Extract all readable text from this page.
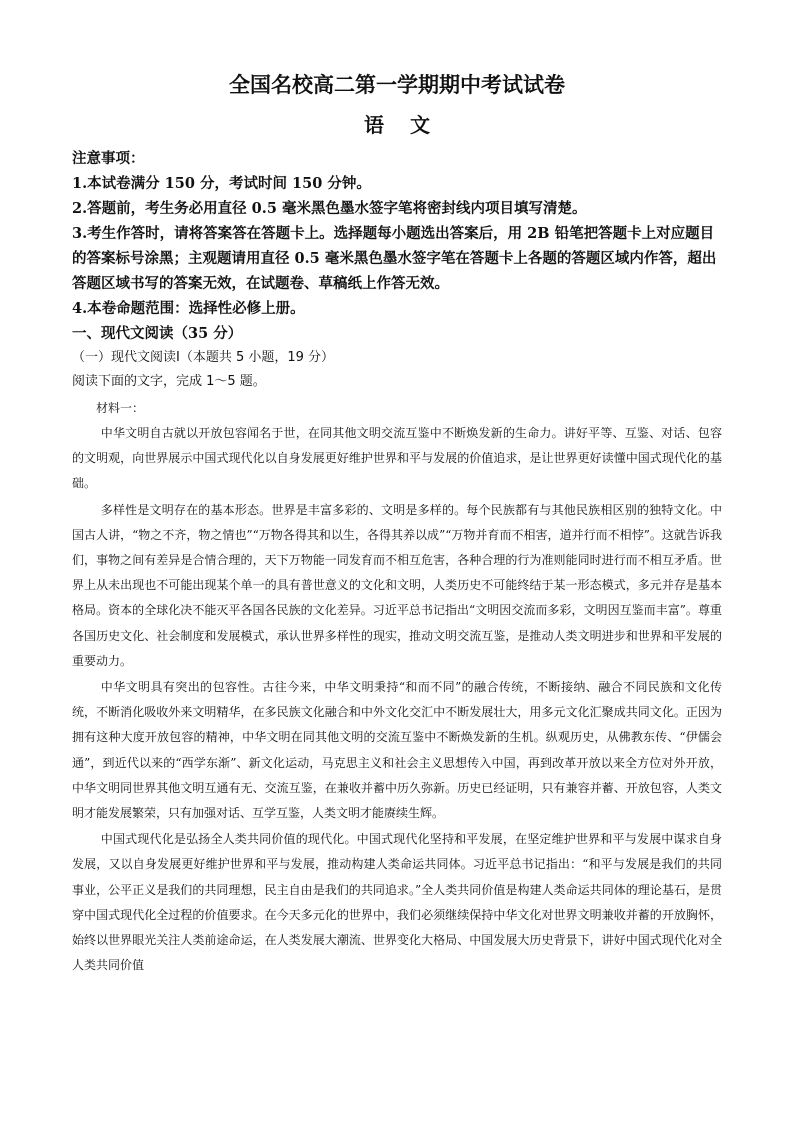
全国名校高二第一学期期中考试试卷
语文

注意事项：

1.本试卷满分 150 分，考试时间 150 分钟。

2.答题前，考生务必用直径 0.5 毫米黑色墨水签字笔将密封线内项目填写清楚。

3.考生作答时，请将答案答在答题卡上。选择题每小题选出答案后，用 2B 铅笔把答题卡上对应题目的答案标号涂黑；主观题请用直径 0.5 毫米黑色墨水签字笔在答题卡上各题的答题区域内作答，超出答题区域书写的答案无效，在试题卷、草稿纸上作答无效。

4.本卷命题范围：选择性必修上册。

一、现代文阅读（35 分）

（一）现代文阅读Ⅰ（本题共 5 小题，19 分）

阅读下面的文字，完成 1～5 题。

材料一：

中华文明自古就以开放包容闻名于世，在同其他文明交流互鉴中不断焕发新的生命力。讲好平等、互鉴、对话、包容的文明观，向世界展示中国式现代化以自身发展更好维护世界和平与发展的价值追求，是让世界更好读懂中国式现代化的基础。

多样性是文明存在的基本形态。世界是丰富多彩的、文明是多样的。每个民族都有与其他民族相区别的独特文化。中国古人讲，“物之不齐，物之情也”“万物各得其和以生，各得其养以成”“万物并育而不相害，道并行而不相悖”。这就告诉我们，事物之间有差异是合情合理的，天下万物能一同发育而不相互危害，各种合理的行为准则能同时进行而不相互矛盾。世界上从未出现也不可能出现某个单一的具有普世意义的文化和文明，人类历史不可能终结于某一形态模式，多元并存是基本格局。资本的全球化决不能灭平各国各民族的文化差异。习近平总书记指出“文明因交流而多彩，文明因互鉴而丰富”。尊重各国历史文化、社会制度和发展模式，承认世界多样性的现实，推动文明交流互鉴，是推动人类文明进步和世界和平发展的重要动力。

中华文明具有突出的包容性。古往今来，中华文明秉持“和而不同”的融合传统，不断接纳、融合不同民族和文化传统，不断消化吸收外来文明精华，在多民族文化融合和中外文化交汇中不断发展壮大，用多元文化汇聚成共同文化。正因为拥有这种大度开放包容的精神，中华文明在同其他文明的交流互鉴中不断焕发新的生机。纵观历史，从佛教东传、“伊儒会通”，到近代以来的“西学东渐”、新文化运动，马克思主义和社会主义思想传入中国，再到改革开放以来全方位对外开放，中华文明同世界其他文明互通有无、交流互鉴，在兼收并蓄中历久弥新。历史已经证明，只有兼容并蓄、开放包容，人类文明才能发展繁荣，只有加强对话、互学互鉴，人类文明才能赓续生辉。

中国式现代化是弘扬全人类共同价值的现代化。中国式现代化坚持和平发展，在坚定维护世界和平与发展中谋求自身发展，又以自身发展更好维护世界和平与发展，推动构建人类命运共同体。习近平总书记指出：“和平与发展是我们的共同事业，公平正义是我们的共同理想，民主自由是我们的共同追求。”全人类共同价值是构建人类命运共同体的理论基石，是贯穿中国式现代化全过程的价值要求。在今天多元化的世界中，我们必须继续保持中华文化对世界文明兼收并蓄的开放胸怀，始终以世界眼光关注人类前途命运，在人类发展大潮流、世界变化大格局、中国发展大历史背景下，讲好中国式现代化对全人类共同价值
